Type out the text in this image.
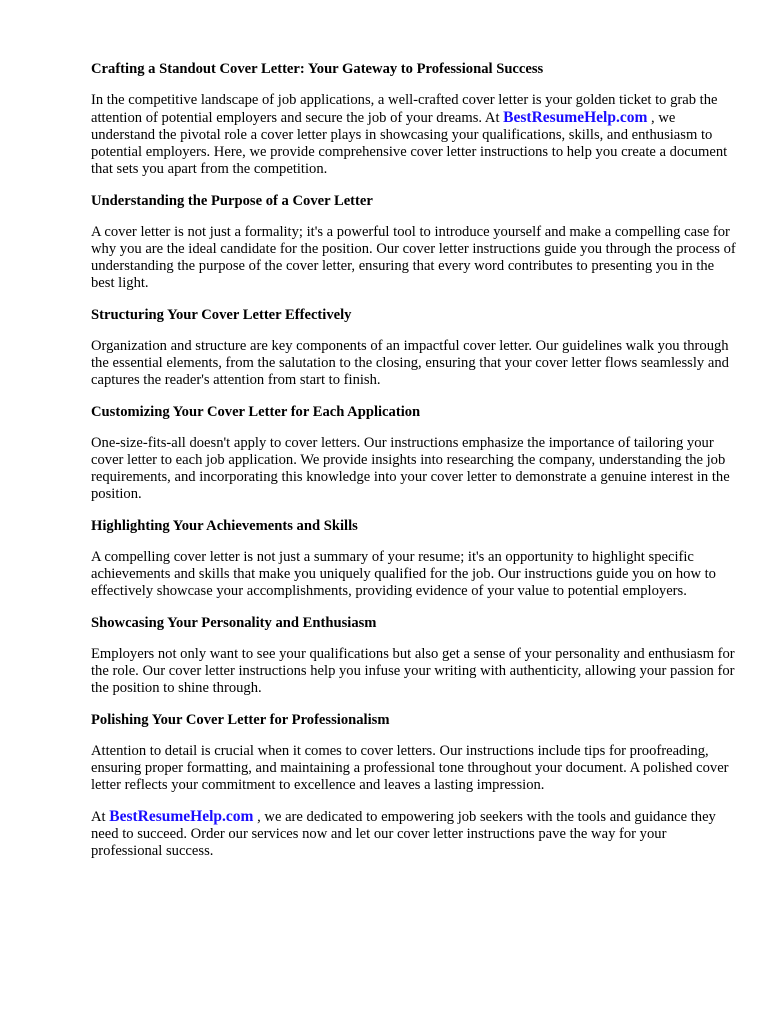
Crafting a Standout Cover Letter: Your Gateway to Professional Success

In the competitive landscape of job applications, a well-crafted cover letter is your golden ticket to grab the attention of potential employers and secure the job of your dreams. At BestResumeHelp.com , we understand the pivotal role a cover letter plays in showcasing your qualifications, skills, and enthusiasm to potential employers. Here, we provide comprehensive cover letter instructions to help you create a document that sets you apart from the competition.

Understanding the Purpose of a Cover Letter

A cover letter is not just a formality; it's a powerful tool to introduce yourself and make a compelling case for why you are the ideal candidate for the position. Our cover letter instructions guide you through the process of understanding the purpose of the cover letter, ensuring that every word contributes to presenting you in the best light.

Structuring Your Cover Letter Effectively

Organization and structure are key components of an impactful cover letter. Our guidelines walk you through the essential elements, from the salutation to the closing, ensuring that your cover letter flows seamlessly and captures the reader's attention from start to finish.

Customizing Your Cover Letter for Each Application

One-size-fits-all doesn't apply to cover letters. Our instructions emphasize the importance of tailoring your cover letter to each job application. We provide insights into researching the company, understanding the job requirements, and incorporating this knowledge into your cover letter to demonstrate a genuine interest in the position.

Highlighting Your Achievements and Skills

A compelling cover letter is not just a summary of your resume; it's an opportunity to highlight specific achievements and skills that make you uniquely qualified for the job. Our instructions guide you on how to effectively showcase your accomplishments, providing evidence of your value to potential employers.

Showcasing Your Personality and Enthusiasm

Employers not only want to see your qualifications but also get a sense of your personality and enthusiasm for the role. Our cover letter instructions help you infuse your writing with authenticity, allowing your passion for the position to shine through.

Polishing Your Cover Letter for Professionalism

Attention to detail is crucial when it comes to cover letters. Our instructions include tips for proofreading, ensuring proper formatting, and maintaining a professional tone throughout your document. A polished cover letter reflects your commitment to excellence and leaves a lasting impression.

At BestResumeHelp.com , we are dedicated to empowering job seekers with the tools and guidance they need to succeed. Order our services now and let our cover letter instructions pave the way for your professional success.
